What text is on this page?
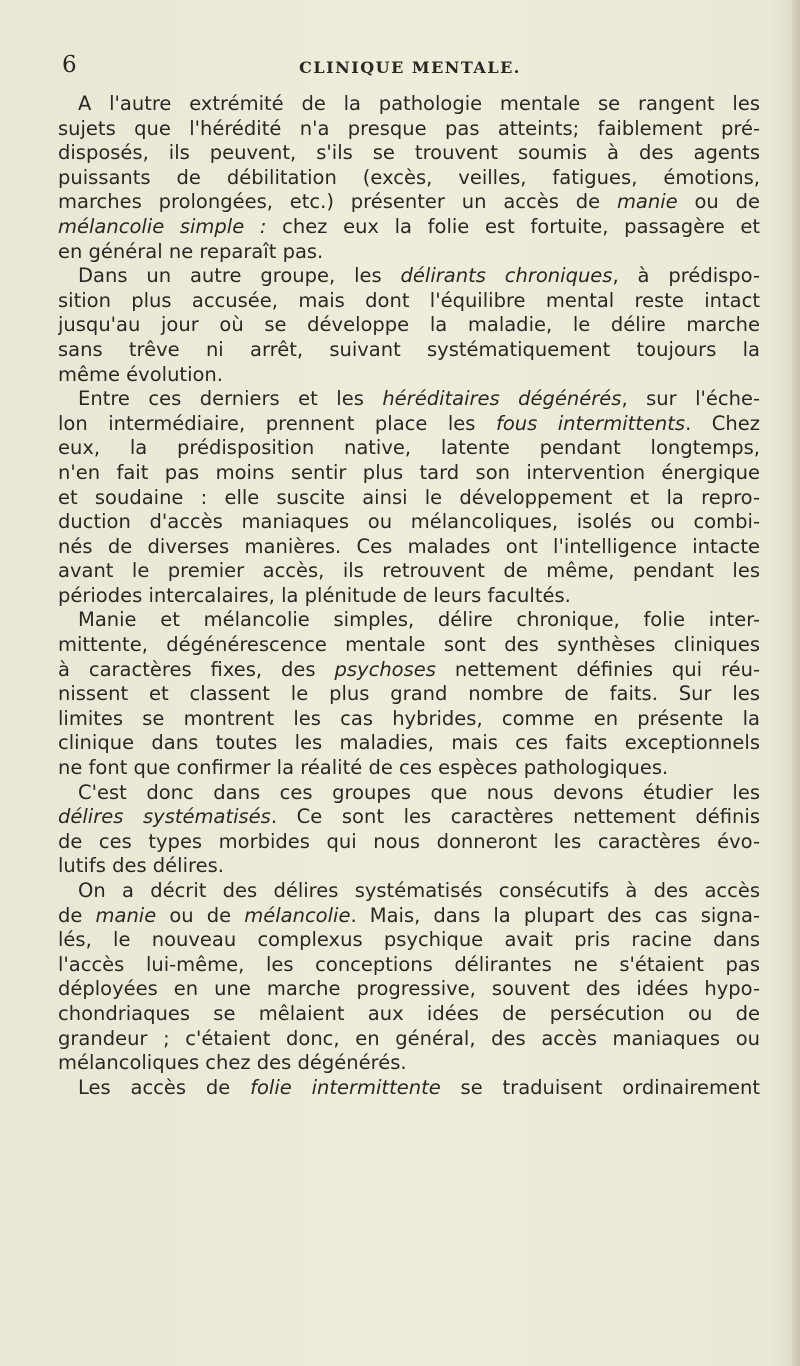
6	CLINIQUE MENTALE.
A l'autre extrémité de la pathologie mentale se rangent les
sujets que l'hérédité n'a presque pas atteints; faiblement pré-
disposés, ils peuvent, s'ils se trouvent soumis à des agents
puissants de débilitation (excès, veilles, fatigues, émotions,
marches prolongées, etc.) présenter un accès de manie ou de
mélancolie simple : chez eux la folie est fortuite, passagère et
en général ne reparaît pas.
Dans un autre groupe, les délirants chroniques, à prédispo-
sition plus accusée, mais dont l'équilibre mental reste intact
jusqu'au jour où se développe la maladie, le délire marche
sans trêve ni arrêt, suivant systématiquement toujours la
même évolution.
Entre ces derniers et les héréditaires dégénérés, sur l'éche-
lon intermédiaire, prennent place les fous intermittents. Chez
eux, la prédisposition native, latente pendant longtemps,
n'en fait pas moins sentir plus tard son intervention énergique
et soudaine : elle suscite ainsi le développement et la repro-
duction d'accès maniaques ou mélancoliques, isolés ou combi-
nés de diverses manières. Ces malades ont l'intelligence intacte
avant le premier accès, ils retrouvent de même, pendant les
périodes intercalaires, la plénitude de leurs facultés.
Manie et mélancolie simples, délire chronique, folie inter-
mittente, dégénérescence mentale sont des synthèses cliniques
à caractères fixes, des psychoses nettement définies qui réu-
nissent et classent le plus grand nombre de faits. Sur les
limites se montrent les cas hybrides, comme en présente la
clinique dans toutes les maladies, mais ces faits exceptionnels
ne font que confirmer la réalité de ces espèces pathologiques.
C'est donc dans ces groupes que nous devons étudier les
délires systématisés. Ce sont les caractères nettement définis
de ces types morbides qui nous donneront les caractères évo-
lutifs des délires.
On a décrit des délires systématisés consécutifs à des accès
de manie ou de mélancolie. Mais, dans la plupart des cas signa-
lés, le nouveau complexus psychique avait pris racine dans
l'accès lui-même, les conceptions délirantes ne s'étaient pas
déployées en une marche progressive, souvent des idées hypo-
chondriaques se mêlaient aux idées de persécution ou de
grandeur ; c'étaient donc, en général, des accès maniaques ou
mélancoliques chez des dégénérés.
Les accès de folie intermittente se traduisent ordinairement
